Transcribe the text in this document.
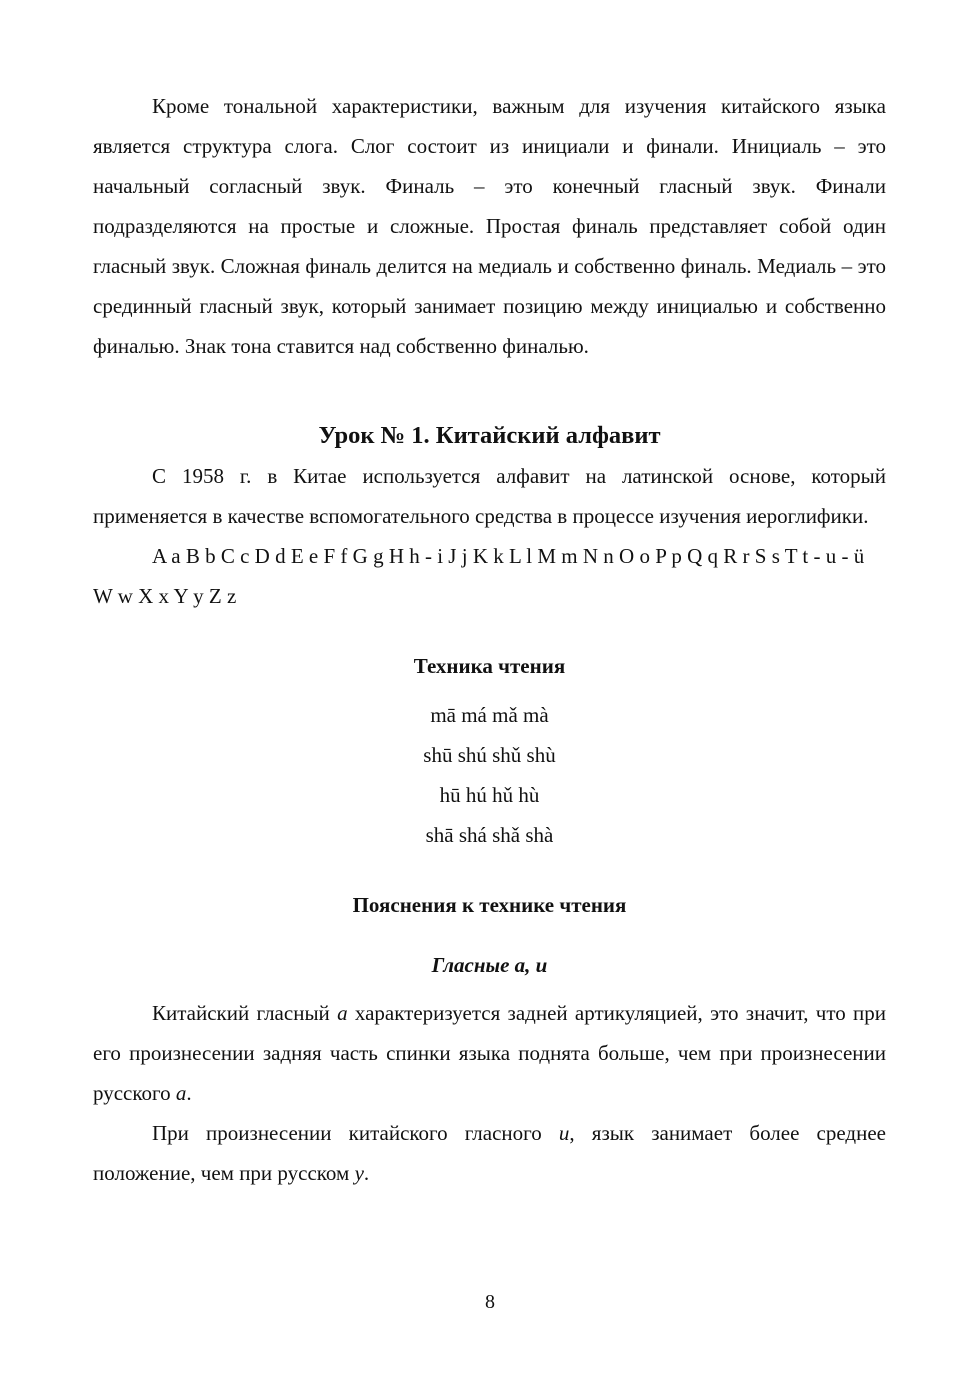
Кроме тональной характеристики, важным для изучения китайского языка является структура слога. Слог состоит из инициали и финали. Инициаль – это начальный согласный звук. Финаль – это конечный гласный звук. Финали подразделяются на простые и сложные. Простая финаль представляет собой один гласный звук. Сложная финаль делится на медиаль и собственно финаль. Медиаль – это срединный гласный звук, который занимает позицию между инициалью и собственно финалью. Знак тона ставится над собственно финалью.

Урок № 1. Китайский алфавит

С 1958 г. в Китае используется алфавит на латинской основе, который применяется в качестве вспомогательного средства в процессе изучения иероглифики.

A a B b C c D d E e F f G g H h - i J j K k L l M m N n O o P p Q q R r S s T t - u - ü W w X x Y y Z z

Техника чтения

mā má mǎ mà

shū shú shǔ shù

hū hú hǔ hù

shā shá shǎ shà

Пояснения к технике чтения

Гласные а, и

Китайский гласный а характеризуется задней артикуляцией, это значит, что при его произнесении задняя часть спинки языка поднята больше, чем при произнесении русского а.

При произнесении китайского гласного и, язык занимает более среднее положение, чем при русском у.

8
